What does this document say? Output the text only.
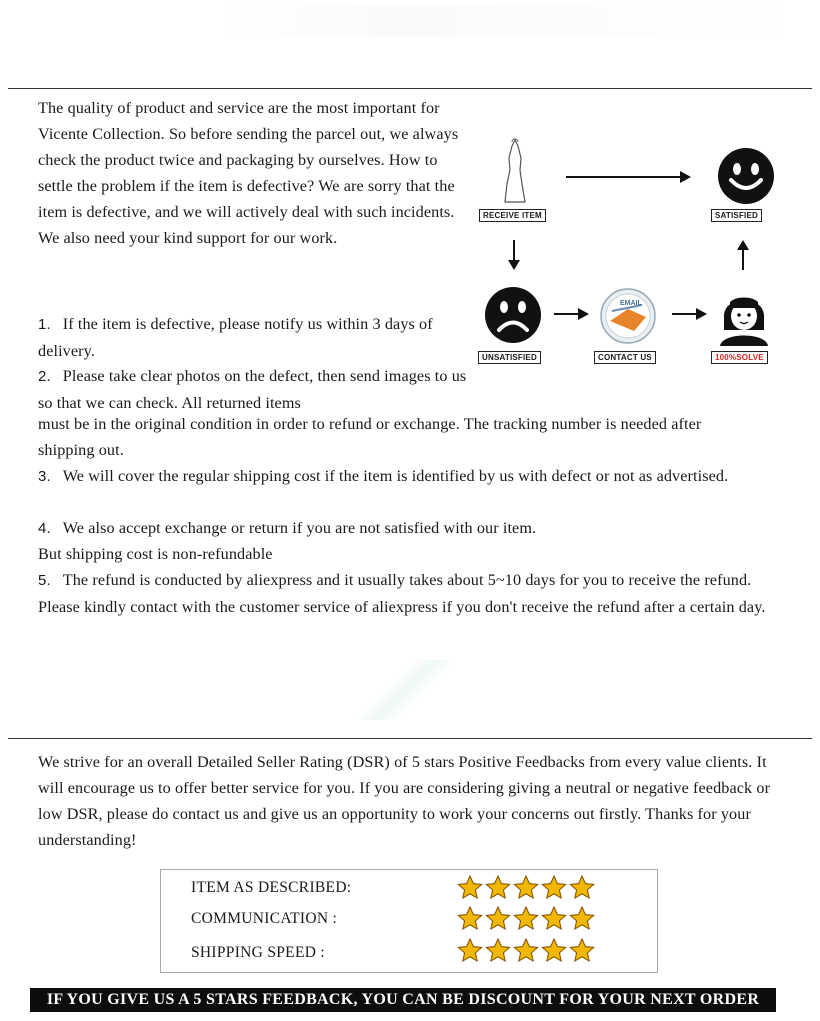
The quality of product and service are the most important for Vicente Collection. So before sending the parcel out, we always check the product twice and packaging by ourselves. How to settle the problem if the item is defective? We are sorry that the item is defective, and we will actively deal with such incidents. We also need your kind support for our work.

1. If the item is defective, please notify us within 3 days of delivery.

2. Please take clear photos on the defect, then send images to us so that we can check. All returned items

must be in the original condition in order to refund or exchange. The tracking number is needed after shipping out.

3. We will cover the regular shipping cost if the item is identified by us with defect or not as advertised.

4. We also accept exchange or return if you are not satisfied with our item.

But shipping cost is non-refundable

5. The refund is conducted by aliexpress and it usually takes about 5~10 days for you to receive the refund. Please kindly contact with the customer service of aliexpress if you don't receive the refund after a certain day.

RECEIVE ITEM	SATISFIED
UNSATISFIED
EMAIL
CONTACT US	100%SOLVE

We strive for an overall Detailed Seller Rating (DSR) of 5 stars Positive Feedbacks from every value clients. It will encourage us to offer better service for you. If you are considering giving a neutral or negative feedback or low DSR, please do contact us and give us an opportunity to work your concerns out firstly. Thanks for your understanding!

ITEM AS DESCRIBED:
COMMUNICATION :
SHIPPING SPEED :
IF YOU GIVE US A 5 STARS FEEDBACK, YOU CAN BE DISCOUNT FOR YOUR NEXT ORDER
